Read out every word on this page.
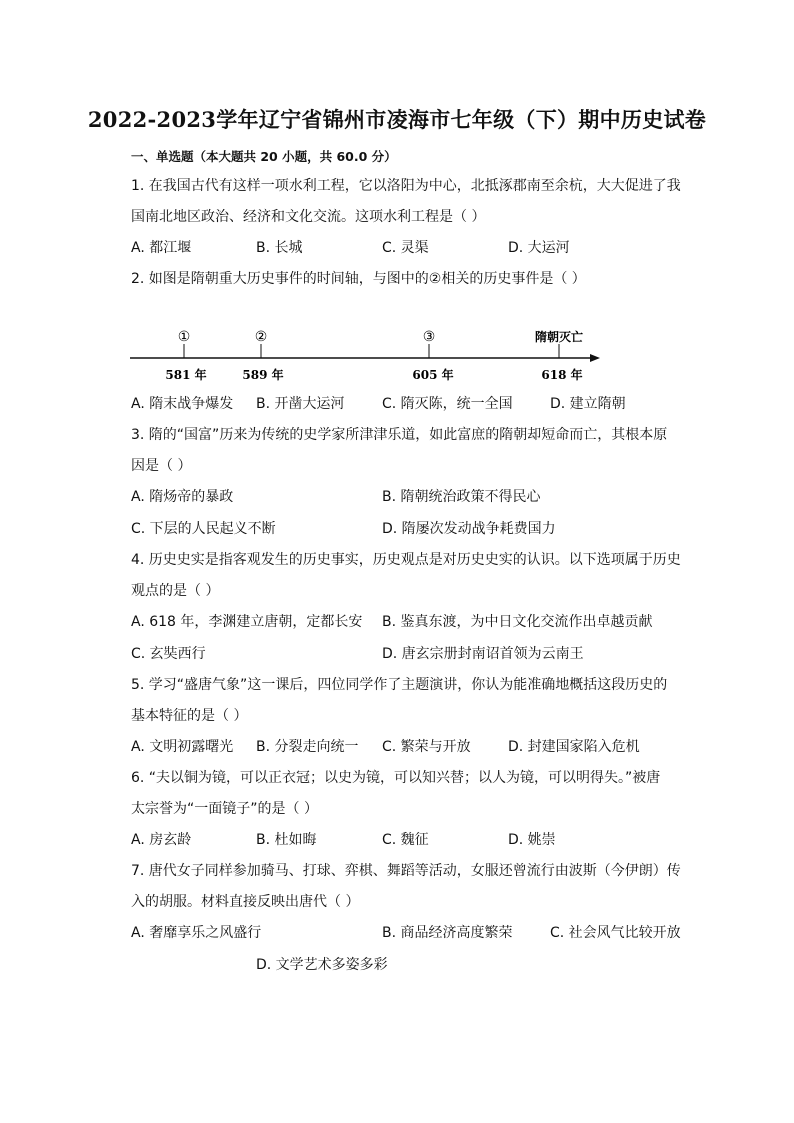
2022-2023学年辽宁省锦州市凌海市七年级（下）期中历史试卷
一、单选题（本大题共 20 小题，共 60.0 分）
1. 在我国古代有这样一项水利工程，它以洛阳为中心，北抵涿郡南至余杭，大大促进了我
国南北地区政治、经济和文化交流。这项水利工程是（ ）
A. 都江堰	B. 长城	C. 灵渠	D. 大运河
2. 如图是隋朝重大历史事件的时间轴，与图中的②相关的历史事件是（ ）
①	②	③	隋朝灭亡
581 年	589 年	605 年	618 年
A. 隋末战争爆发 B. 开凿大运河	C. 隋灭陈，统一全国	D. 建立隋朝
3. 隋的“国富”历来为传统的史学家所津津乐道，如此富庶的隋朝却短命而亡，其根本原
因是（ ）
A. 隋炀帝的暴政	B. 隋朝统治政策不得民心
C. 下层的人民起义不断	D. 隋屡次发动战争耗费国力
4. 历史史实是指客观发生的历史事实，历史观点是对历史史实的认识。以下选项属于历史
观点的是（ ）
A. 618 年，李渊建立唐朝，定都长安 B. 鉴真东渡，为中日文化交流作出卓越贡献
C. 玄奘西行	D. 唐玄宗册封南诏首领为云南王
5. 学习“盛唐气象”这一课后，四位同学作了主题演讲，你认为能准确地概括这段历史的
基本特征的是（ ）
A. 文明初露曙光 B. 分裂走向统一 C. 繁荣与开放	D. 封建国家陷入危机
6. “夫以铜为镜，可以正衣冠；以史为镜，可以知兴替；以人为镜，可以明得失。”被唐
太宗誉为“一面镜子”的是（ ）
A. 房玄龄	B. 杜如晦	C. 魏征	D. 姚崇
7. 唐代女子同样参加骑马、打球、弈棋、舞蹈等活动，女服还曾流行由波斯（今伊朗）传
入的胡服。材料直接反映出唐代（ ）
A. 奢靡享乐之风盛行	B. 商品经济高度繁荣	C. 社会风气比较开放
D. 文学艺术多姿多彩
